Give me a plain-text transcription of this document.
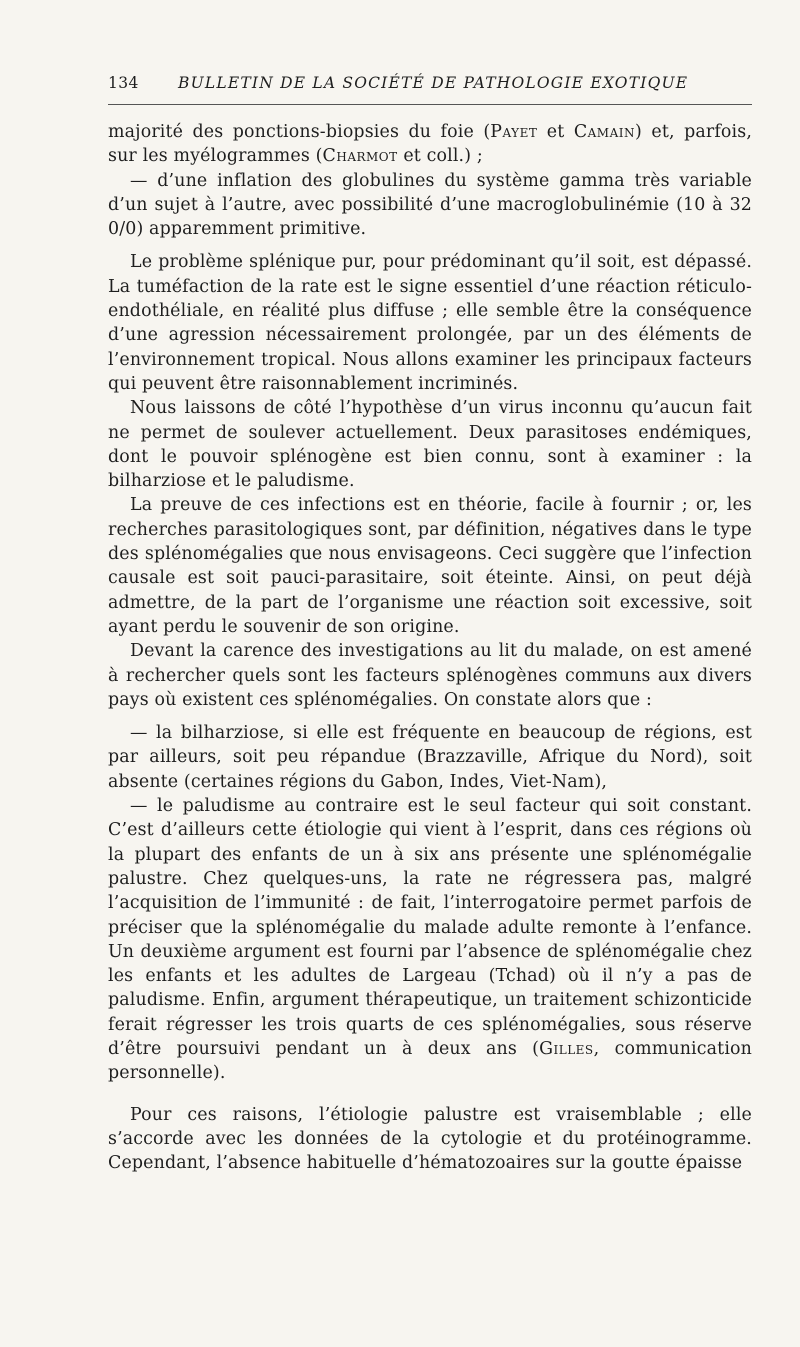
134	BULLETIN DE LA SOCIÉTÉ DE PATHOLOGIE EXOTIQUE

majorité des ponctions-biopsies du foie (Payet et Camain) et, parfois, sur les myélogrammes (Charmot et coll.) ;

— d’une inflation des globulines du système gamma très variable d’un sujet à l’autre, avec possibilité d’une macroglobulinémie (10 à 32 0/0) apparemment primitive.

Le problème splénique pur, pour prédominant qu’il soit, est dépassé. La tuméfaction de la rate est le signe essentiel d’une réaction réticulo-endothéliale, en réalité plus diffuse ; elle semble être la conséquence d’une agression nécessairement prolongée, par un des éléments de l’environnement tropical. Nous allons examiner les principaux facteurs qui peuvent être raisonnablement incriminés.

Nous laissons de côté l’hypothèse d’un virus inconnu qu’aucun fait ne permet de soulever actuellement. Deux parasitoses endémiques, dont le pouvoir splénogène est bien connu, sont à examiner : la bilharziose et le paludisme.

La preuve de ces infections est en théorie, facile à fournir ; or, les recherches parasitologiques sont, par définition, négatives dans le type des splénomégalies que nous envisageons. Ceci suggère que l’infection causale est soit pauci-parasitaire, soit éteinte. Ainsi, on peut déjà admettre, de la part de l’organisme une réaction soit excessive, soit ayant perdu le souvenir de son origine.

Devant la carence des investigations au lit du malade, on est amené à rechercher quels sont les facteurs splénogènes communs aux divers pays où existent ces splénomégalies. On constate alors que :

— la bilharziose, si elle est fréquente en beaucoup de régions, est par ailleurs, soit peu répandue (Brazzaville, Afrique du Nord), soit absente (certaines régions du Gabon, Indes, Viet-Nam),

— le paludisme au contraire est le seul facteur qui soit constant. C’est d’ailleurs cette étiologie qui vient à l’esprit, dans ces régions où la plupart des enfants de un à six ans présente une splénomégalie palustre. Chez quelques-uns, la rate ne régressera pas, malgré l’acquisition de l’immunité : de fait, l’interrogatoire permet parfois de préciser que la splénomégalie du malade adulte remonte à l’enfance. Un deuxième argument est fourni par l’absence de splénomégalie chez les enfants et les adultes de Largeau (Tchad) où il n’y a pas de paludisme. Enfin, argument thérapeutique, un traitement schizonticide ferait régresser les trois quarts de ces splénomégalies, sous réserve d’être poursuivi pendant un à deux ans (Gilles, communication personnelle).

Pour ces raisons, l’étiologie palustre est vraisemblable ; elle s’accorde avec les données de la cytologie et du protéinogramme. Cependant, l’absence habituelle d’hématozoaires sur la goutte épaisse
